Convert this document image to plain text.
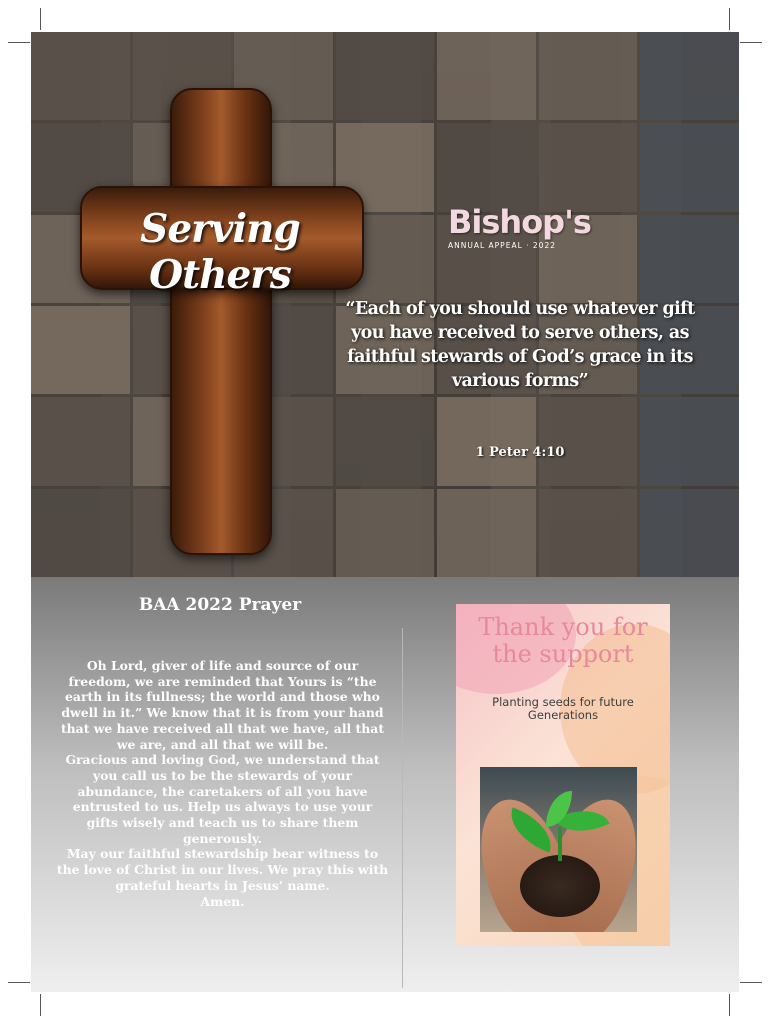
Serving Others
Bishop's
ANNUAL APPEAL · 2022
“Each of you should use whatever gift you have received to serve others, as faithful stewards of God’s grace in its various forms”
1 Peter 4:10
BAA 2022 Prayer

Oh Lord, giver of life and source of our freedom, we are reminded that Yours is “the earth in its fullness; the world and those who dwell in it.” We know that it is from your hand that we have received all that we have, all that we are, and all that we will be.

Gracious and loving God, we understand that you call us to be the stewards of your abundance, the caretakers of all you have entrusted to us. Help us always to use your gifts wisely and teach us to share them generously.

May our faithful stewardship bear witness to the love of Christ in our lives. We pray this with grateful hearts in Jesus’ name.

Amen.

Thank you for the support
Planting seeds for future Generations
